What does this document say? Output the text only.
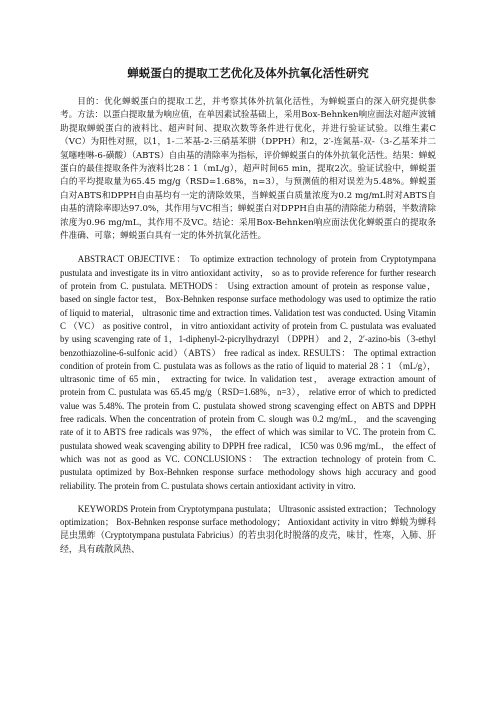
蝉蜕蛋白的提取工艺优化及体外抗氧化活性研究

目的：优化蝉蜕蛋白的提取工艺，并考察其体外抗氧化活性，为蝉蜕蛋白的深入研究提供参考。方法：以蛋白提取量为响应值，在单因素试验基础上，采用Box-Behnken响应面法对超声波辅助提取蝉蜕蛋白的液料比、超声时间、提取次数等条件进行优化，并进行验证试验。以维生素C（VC）为阳性对照，以1，1-二苯基-2-三硝基苯肼（DPPH）和2，2′-连氮基-双-（3-乙基苯并二氢噻唑啉-6-磺酸）（ABTS）自由基的清除率为指标，评价蝉蜕蛋白的体外抗氧化活性。结果：蝉蜕蛋白的最佳提取条件为液料比28∶1（mL/g），超声时间65 min，提取2次。验证试验中，蝉蜕蛋白的平均提取量为65.45 mg/g（RSD=1.68%，n=3），与预测值的相对误差为5.48%。蝉蜕蛋白对ABTS和DPPH自由基均有一定的清除效果，当蝉蜕蛋白质量浓度为0.2 mg/mL时对ABTS自由基的清除率即达97.0%，其作用与VC相当；蝉蜕蛋白对DPPH自由基的清除能力稍弱，半数清除浓度为0.96 mg/mL，其作用不及VC。结论：采用Box-Behnken响应面法优化蝉蜕蛋白的提取条件准确、可靠；蝉蜕蛋白具有一定的体外抗氧化活性。

ABSTRACT OBJECTIVE： To optimize extraction technology of protein from Cryptotympana pustulata and investigate its in vitro antioxidant activity， so as to provide reference for further research of protein from C. pustulata. METHODS： Using extraction amount of protein as response value， based on single factor test， Box-Behnken response surface methodology was used to optimize the ratio of liquid to material， ultrasonic time and extraction times. Validation test was conducted. Using Vitamin C （VC） as positive control， in vitro antioxidant activity of protein from C. pustulata was evaluated by using scavenging rate of 1，1-diphenyl-2-picrylhydrazyl （DPPH） and 2，2′-azino-bis（3-ethyl benzothiazoline-6-sulfonic acid）（ABTS） free radical as index. RESULTS： The optimal extraction condition of protein from C. pustulata was as follows as the ratio of liquid to material 28∶1 （mL/g）， ultrasonic time of 65 min， extracting for twice. In validation test， average extraction amount of protein from C. pustulata was 65.45 mg/g（RSD=1.68%，n=3）， relative error of which to predicted value was 5.48%. The protein from C. pustulata showed strong scavenging effect on ABTS and DPPH free radicals. When the concentration of protein from C. slough was 0.2 mg/mL， and the scavenging rate of it to ABTS free radicals was 97%， the effect of which was similar to VC. The protein from C. pustulata showed weak scavenging ability to DPPH free radical， IC50 was 0.96 mg/mL， the effect of which was not as good as VC. CONCLUSIONS： The extraction technology of protein from C. pustulata optimized by Box-Behnken response surface methodology shows high accuracy and good reliability. The protein from C. pustulata shows certain antioxidant activity in vitro.

KEYWORDS Protein from Cryptotympana pustulata； Ultrasonic assisted extraction； Technology optimization； Box-Behnken response surface methodology； Antioxidant activity in vitro 蝉蜕为蝉科昆虫黑蚱（Cryptotympana pustulata Fabricius）的若虫羽化时脱落的皮壳，味甘，性寒，入肺、肝经，具有疏散风热、
